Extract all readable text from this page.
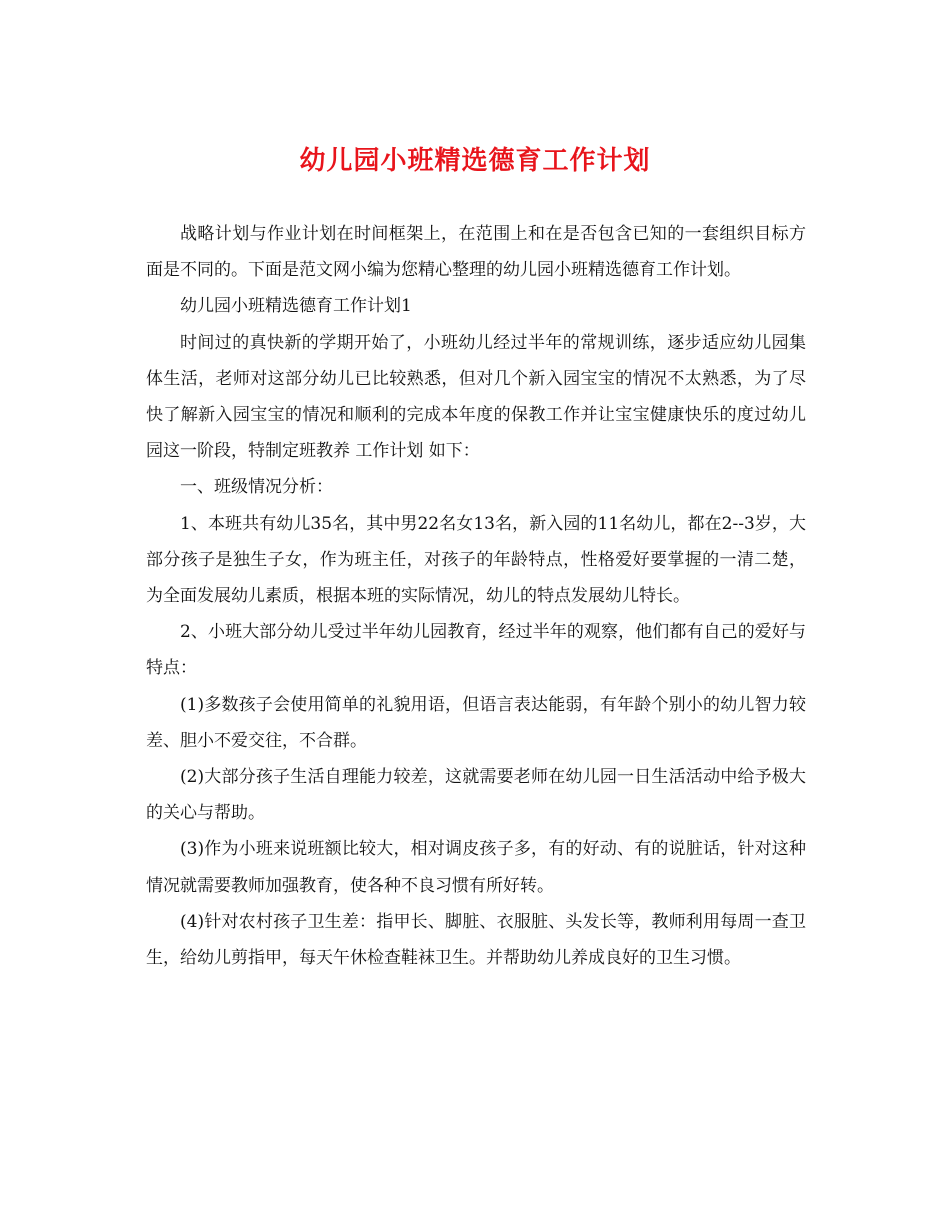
幼儿园小班精选德育工作计划

战略计划与作业计划在时间框架上，在范围上和在是否包含已知的一套组织目标方面是不同的。下面是范文网小编为您精心整理的幼儿园小班精选德育工作计划。

幼儿园小班精选德育工作计划1

时间过的真快新的学期开始了，小班幼儿经过半年的常规训练，逐步适应幼儿园集体生活，老师对这部分幼儿已比较熟悉，但对几个新入园宝宝的情况不太熟悉，为了尽快了解新入园宝宝的情况和顺利的完成本年度的保教工作并让宝宝健康快乐的度过幼儿园这一阶段，特制定班教养 工作计划 如下：

一、班级情况分析：

1、本班共有幼儿35名，其中男22名女13名，新入园的11名幼儿，都在2--3岁，大部分孩子是独生子女，作为班主任，对孩子的年龄特点，性格爱好要掌握的一清二楚，为全面发展幼儿素质，根据本班的实际情况，幼儿的特点发展幼儿特长。

2、小班大部分幼儿受过半年幼儿园教育，经过半年的观察，他们都有自己的爱好与特点：

(1)多数孩子会使用简单的礼貌用语，但语言表达能弱，有年龄个别小的幼儿智力较差、胆小不爱交往，不合群。

(2)大部分孩子生活自理能力较差，这就需要老师在幼儿园一日生活活动中给予极大的关心与帮助。

(3)作为小班来说班额比较大，相对调皮孩子多，有的好动、有的说脏话，针对这种情况就需要教师加强教育，使各种不良习惯有所好转。

(4)针对农村孩子卫生差：指甲长、脚脏、衣服脏、头发长等，教师利用每周一查卫生，给幼儿剪指甲，每天午休检查鞋袜卫生。并帮助幼儿养成良好的卫生习惯。
